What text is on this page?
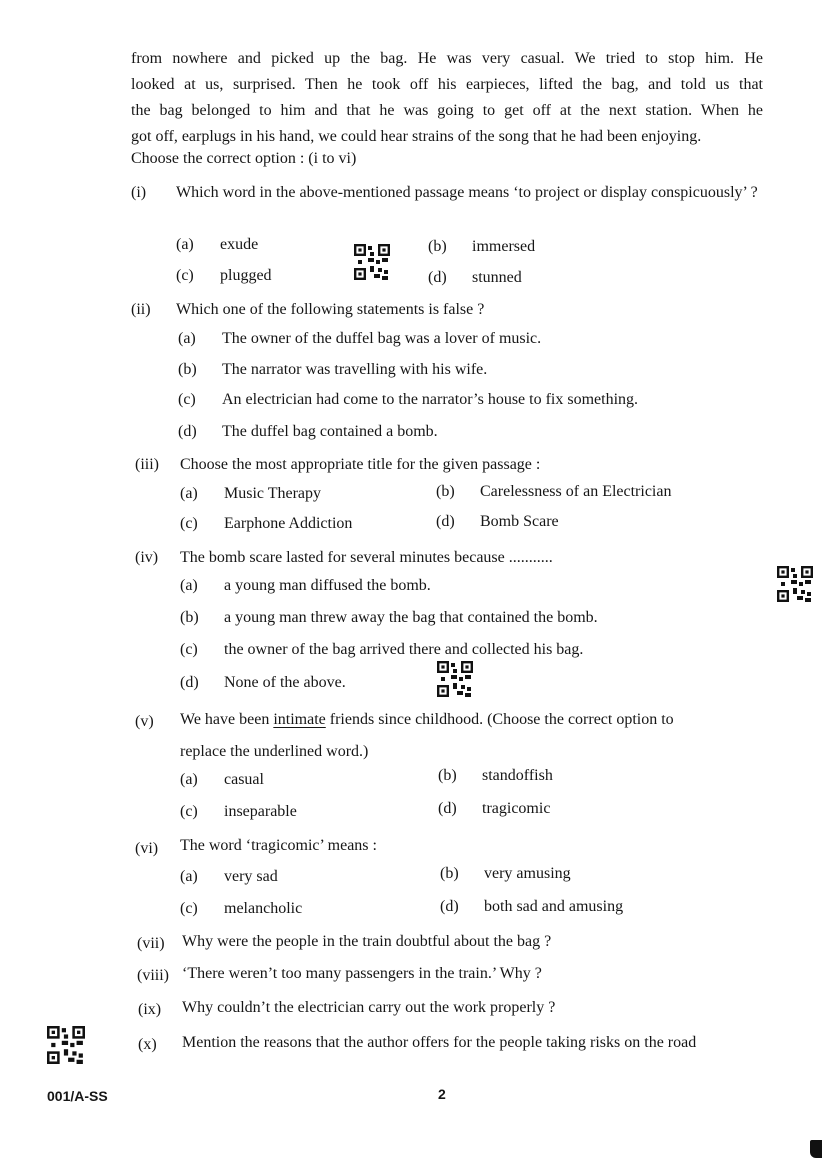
from nowhere and picked up the bag. He was very casual. We tried to stop him. He

looked at us, surprised. Then he took off his earpieces, lifted the bag, and told us that

the bag belonged to him and that he was going to get off at the next station. When he

got off, earplugs in his hand, we could hear strains of the song that he had been enjoying.

Choose the correct option : (i to vi)
(i) Which word in the above-mentioned passage means ‘to project or display conspicuously’ ?
(a) exude	(b) immersed
(c) plugged	(d) stunned
(ii) Which one of the following statements is false ?
(a) The owner of the duffel bag was a lover of music.
(b) The narrator was travelling with his wife.
(c) An electrician had come to the narrator’s house to fix something.
(d) The duffel bag contained a bomb.
(iii) Choose the most appropriate title for the given passage :
(a) Music Therapy	(b) Carelessness of an Electrician
(c) Earphone Addiction	(d) Bomb Scare
(iv) The bomb scare lasted for several minutes because ...........
(a) a young man diffused the bomb.
(b) a young man threw away the bag that contained the bomb.
(c) the owner of the bag arrived there and collected his bag.
(d) None of the above.
(v) We have been intimate friends since childhood. (Choose the correct option to
replace the underlined word.)
(a) casual	(b) standoffish
(c) inseparable	(d) tragicomic
(vi) The word ‘tragicomic’ means :
(a) very sad	(b) very amusing
(c) melancholic	(d) both sad and amusing
(vii) Why were the people in the train doubtful about the bag ?
(viii) ‘There weren’t too many passengers in the train.’ Why ?
(ix) Why couldn’t the electrician carry out the work properly ?
(x) Mention the reasons that the author offers for the people taking risks on the road
001/A-SS	2
